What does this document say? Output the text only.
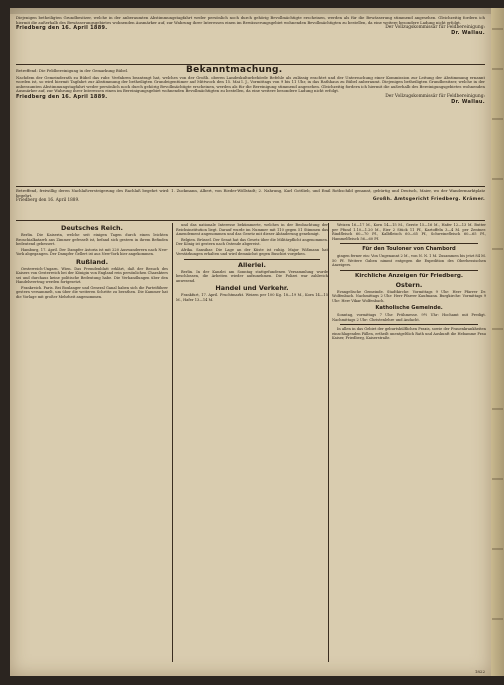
Diejenigen betheiligten Grundbesitzer, welche in der anberaumten Abstimmungstagfahrt weder persönlich noch durch gehörig Bevollmächtigte erscheinen, werden als für die Bewässerung stimmend angesehen. Gleichzeitig fordern ich hiermit die außerhalb des Bewässerungsgebietes wohnenden Ausmärker auf, zur Wahrung ihrer Interessen einen im Bewässerungsgebiet wohnenden Bevollmächtigten zu bestellen, da eine weitere besondere Ladung nicht erfolgt.
Friedberg den 16. April 1889.	Der Vollzugskommissär für Feldbereinigung:
Dr. Wallau.
Betreffend: Die Feldbereinigung in der Gemarkung Bübel.	Bekanntmachung.
Nachdem der Gemeinderath zu Bübel das rubr. Verfahren beantragt hat, welches von der Großh. oberen Landeskulturbehörde Befehle als zulässig erachtet und der Untersuchung einer Kommission zur Leitung der Abstimmung ernannt worden ist, so wird hiermit Tagfahrt zur Abstimmung der betheiligten Grundeigentümer auf Mittwoch den 15. Mai l. J., Vormittags von 9 bis 11 Uhr, in das Rathhaus zu Bübel anberaumt. Diejenigen betheiligten Grundbesitzer, welche in der anberaumten Abstimmungstagfahrt weder persönlich noch durch gehörig Bevollmächtigte erscheinen, werden als für die Bereinigung stimmend angesehen. Gleichzeitig fordern ich hiermit die außerhalb des Bereinigungsgebietes wohnenden Ausmärker auf, zur Wahrung ihrer Interessen einen im Bereinigungsgebiet wohnenden Bevollmächtigten zu bestellen, da eine weitere besondere Ladung nicht erfolgt.
Friedberg den 16. April 1889.	Der Vollzugskommissär für Feldbereinigung:
Dr. Wallau.
Betreffend, freiwillig deren Nachlaßversteigerung des Rachlaß begehrt wird: 1. Zuckmann, Albert, von Rieder-Wöllstadt; 2. Nahrung, Karl Gottlieb, und Emil Rothschild genannt, gebürtig und Deutsch, Maier, wo der Wandermarktplatz begehrt.
Friedberg den 16. April 1889.	Großh. Amtsgericht Friedberg. Krämer.
Deutsches Reich.

Berlin. Die Kaiserin, welche seit einigen Tagen durch einen leichten Bronchialkatarrh ans Zimmer gefesselt ist, befand sich gestern in ihrem Befinden bedeutend gebessert.

Hamburg, 17. April. Der Dampfer Astoria ist mit 220 Auswanderern nach New-York abgegangen. Der Dampfer Gellert ist aus New-York hier angekommen.

Rußland.

Oesterreich-Ungarn. Wien. Das Fremdenblatt erklärt, daß der Besuch des Kaisers von Oesterreich bei der Königin von England rein persönlichen Charakters sei und durchaus keine politische Bedeutung habe. Die Verhandlungen über den Handelsvertrag werden fortgesetzt.

Frankreich. Paris. Bei Boulanger und General Ganal haben sich die Parteiführer gestern versammelt, um über die weiteren Schritte zu berathen. Die Kammer hat die Vorlage mit großer Mehrheit angenommen.

und das nationale Interesse bekümmerte, welches in der Beobachtung der Reichsinstitution liegt. Darauf wurde im Nummer mit 110 gegen 51 Stimmen das Amendement angenommen und das Gesetz mit dieser Abänderung genehmigt.

Belgien. Brüssel. Der Senat hat das Gesetz über die Militärpflicht angenommen. Der König ist gestern nach Ostende abgereist.

Afrika. Sansibar. Die Lage an der Küste ist ruhig. Major Wißmann hat Verstärkungen erhalten und wird demnächst gegen Buschiri vorgehen.

Allerlei.

Berlin. In der Kanzlei am Sonntag stattgefundenen Versammlung wurde beschlossen, die Arbeiten wieder aufzunehmen. Die Polizei war zahlreich anwesend.

Handel und Verkehr.

Frankfurt, 17. April. Fruchtmarkt. Weizen per 100 Kg. 18—19 M., Korn 14—15 M., Hafer 13—14 M.

Weizen 16—17 M., Korn 14—15 M., Gerste 15—16 M., Hafer 12—13 M. Butter per Pfund 1.10—1.20 M., Eier 2 Stück 11 Pf., Kartoffeln 3—4 M. per Zentner. Rindfleisch 60—70 Pf., Kalbfleisch 60—65 Pf., Schweinefleisch 60—65 Pf., Hammelfleisch 56—60 Pf.

Für den Touloner von Chambord

gingen ferner ein: Von Ungenannt 2 M., von N. N. 1 M. Zusammen bis jetzt 84 M. 50 Pf. Weitere Gaben nimmt entgegen die Expedition des Oberhessischen Anzeigers.

Kirchliche Anzeigen für Friedberg.
Ostern.

Evangelische Gemeinde. Stadtkirche: Vormittags 9 Uhr: Herr Pfarrer Dr. Wolfenbach. Nachmittags 2 Uhr: Herr Pfarrer Kaufmann. Burgkirche: Vormittags 9 Uhr: Herr Vikar Wolfenbach.

Katholische Gemeinde.

Sonntag, vormittags 7 Uhr: Frühmesse. 9½ Uhr: Hochamt mit Predigt. Nachmittags 2 Uhr: Christenlehre und Andacht.

In allen in das Gebiet der geburtshülflichen Praxis, sowie der Frauenkrankheiten einschlagenden Fällen, ertheilt unentgeltlich Rath und Auskunft die Hebamme Frau Kaiser, Friedberg, Kaiserstraße.

1822
